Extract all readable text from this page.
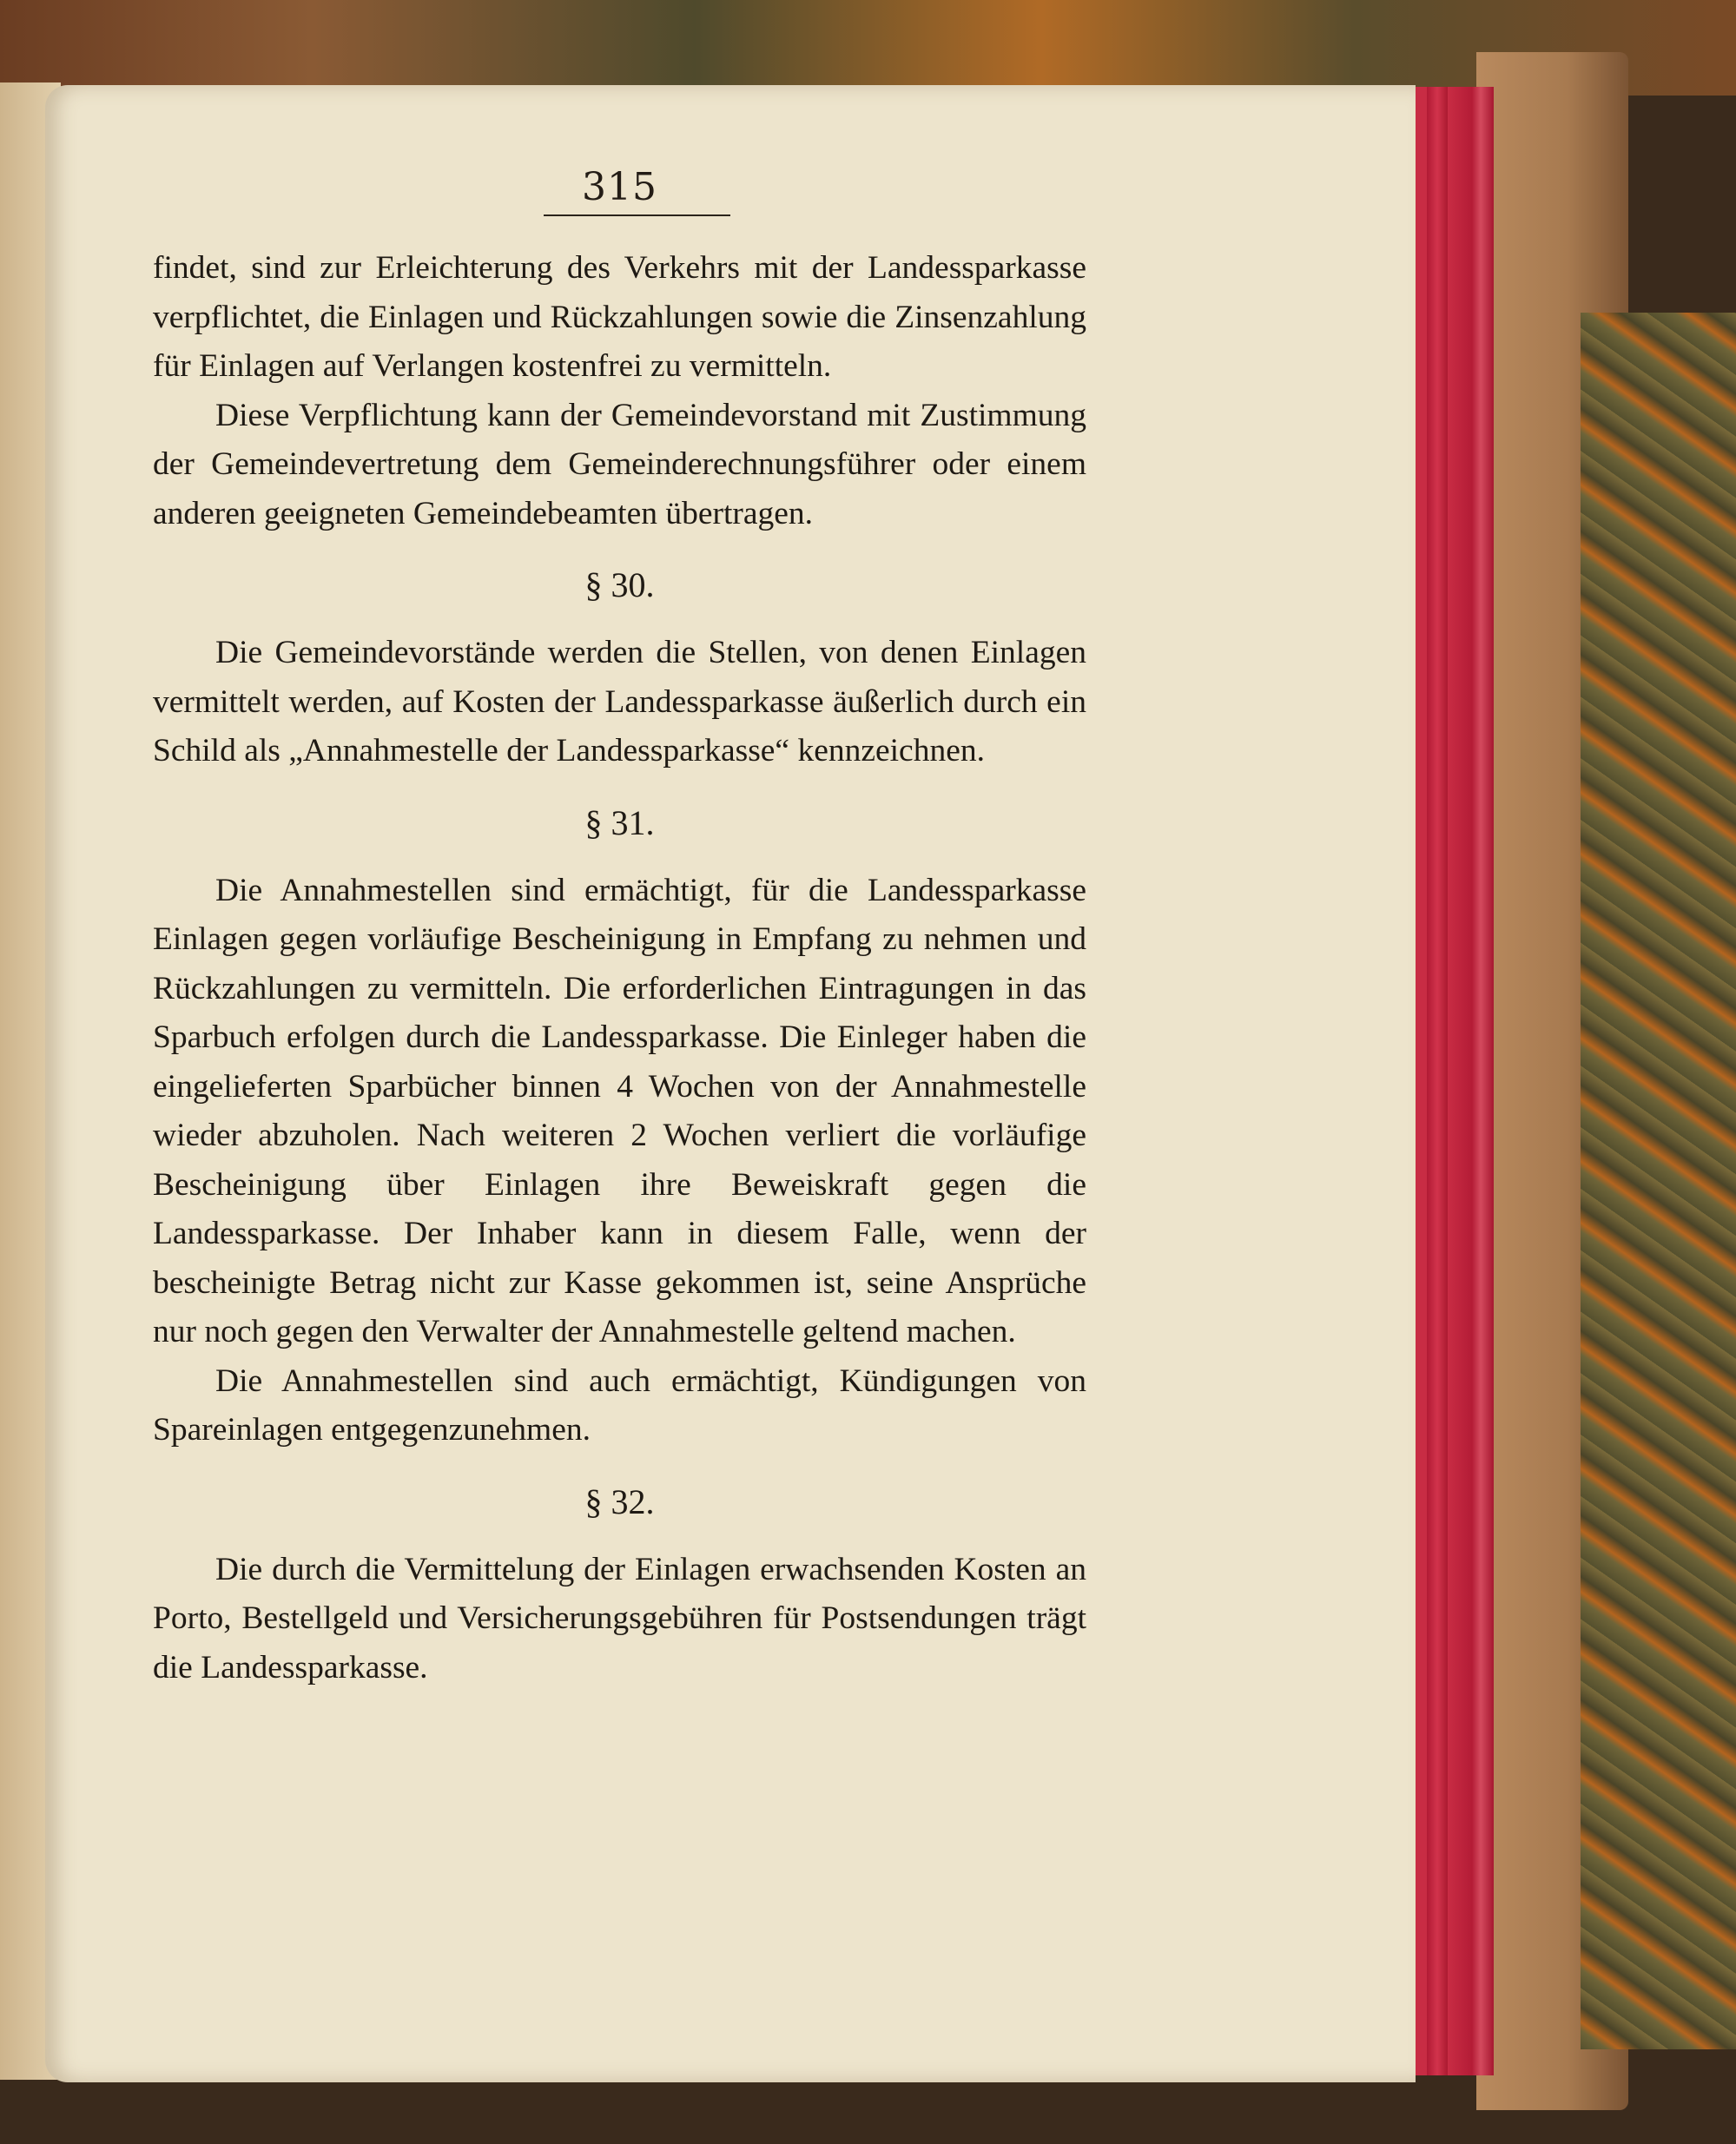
315

findet, sind zur Erleichterung des Verkehrs mit der Landessparkasse verpflichtet, die Einlagen und Rückzahlungen sowie die Zinsenzahlung für Einlagen auf Verlangen kostenfrei zu vermitteln.

Diese Verpflichtung kann der Gemeindevorstand mit Zustimmung der Gemeindevertretung dem Gemeinderechnungsführer oder einem anderen geeigneten Gemeindebeamten übertragen.

§ 30.

Die Gemeindevorstände werden die Stellen, von denen Einlagen vermittelt werden, auf Kosten der Landessparkasse äußerlich durch ein Schild als „Annahmestelle der Landessparkasse“ kennzeichnen.

§ 31.

Die Annahmestellen sind ermächtigt, für die Landessparkasse Einlagen gegen vorläufige Bescheinigung in Empfang zu nehmen und Rückzahlungen zu vermitteln. Die erforderlichen Eintragungen in das Sparbuch erfolgen durch die Landessparkasse. Die Einleger haben die eingelieferten Sparbücher binnen 4 Wochen von der Annahmestelle wieder abzuholen. Nach weiteren 2 Wochen verliert die vorläufige Bescheinigung über Einlagen ihre Beweiskraft gegen die Landessparkasse. Der Inhaber kann in diesem Falle, wenn der bescheinigte Betrag nicht zur Kasse gekommen ist, seine Ansprüche nur noch gegen den Verwalter der Annahmestelle geltend machen.

Die Annahmestellen sind auch ermächtigt, Kündigungen von Spareinlagen entgegenzunehmen.

§ 32.

Die durch die Vermittelung der Einlagen erwachsenden Kosten an Porto, Bestellgeld und Versicherungsgebühren für Postsendungen trägt die Landessparkasse.
